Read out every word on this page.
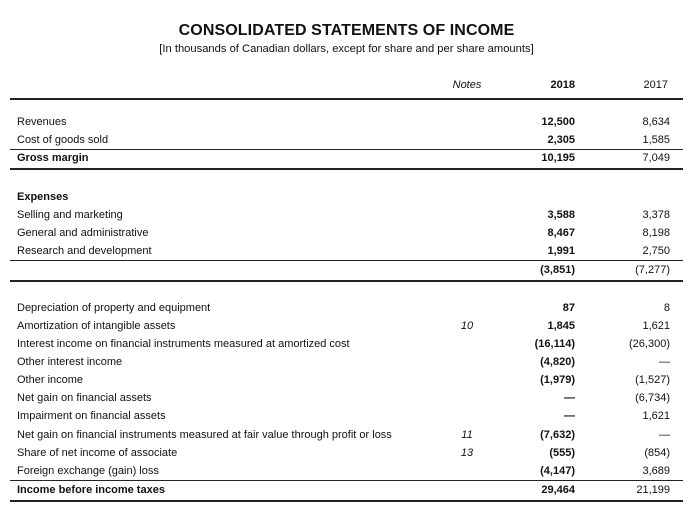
CONSOLIDATED STATEMENTS OF INCOME
[In thousands of Canadian dollars, except for share and per share amounts]
Notes	2018	2017
Revenues	12,500	8,634
Cost of goods sold	2,305	1,585
Gross margin	10,195	7,049
Expenses
Selling and marketing	3,588	3,378
General and administrative	8,467	8,198
Research and development	1,991	2,750
(3,851)	(7,277)
Depreciation of property and equipment	87	8
Amortization of intangible assets	10	1,845	1,621
Interest income on financial instruments measured at amortized cost	(16,114)	(26,300)
Other interest income	(4,820)	—
Other income	(1,979)	(1,527)
Net gain on financial assets	—	(6,734)
Impairment on financial assets	—	1,621
Net gain on financial instruments measured at fair value through profit or loss	11	(7,632)	—
Share of net income of associate	13	(555)	(854)
Foreign exchange (gain) loss	(4,147)	3,689
Income before income taxes	29,464	21,199
